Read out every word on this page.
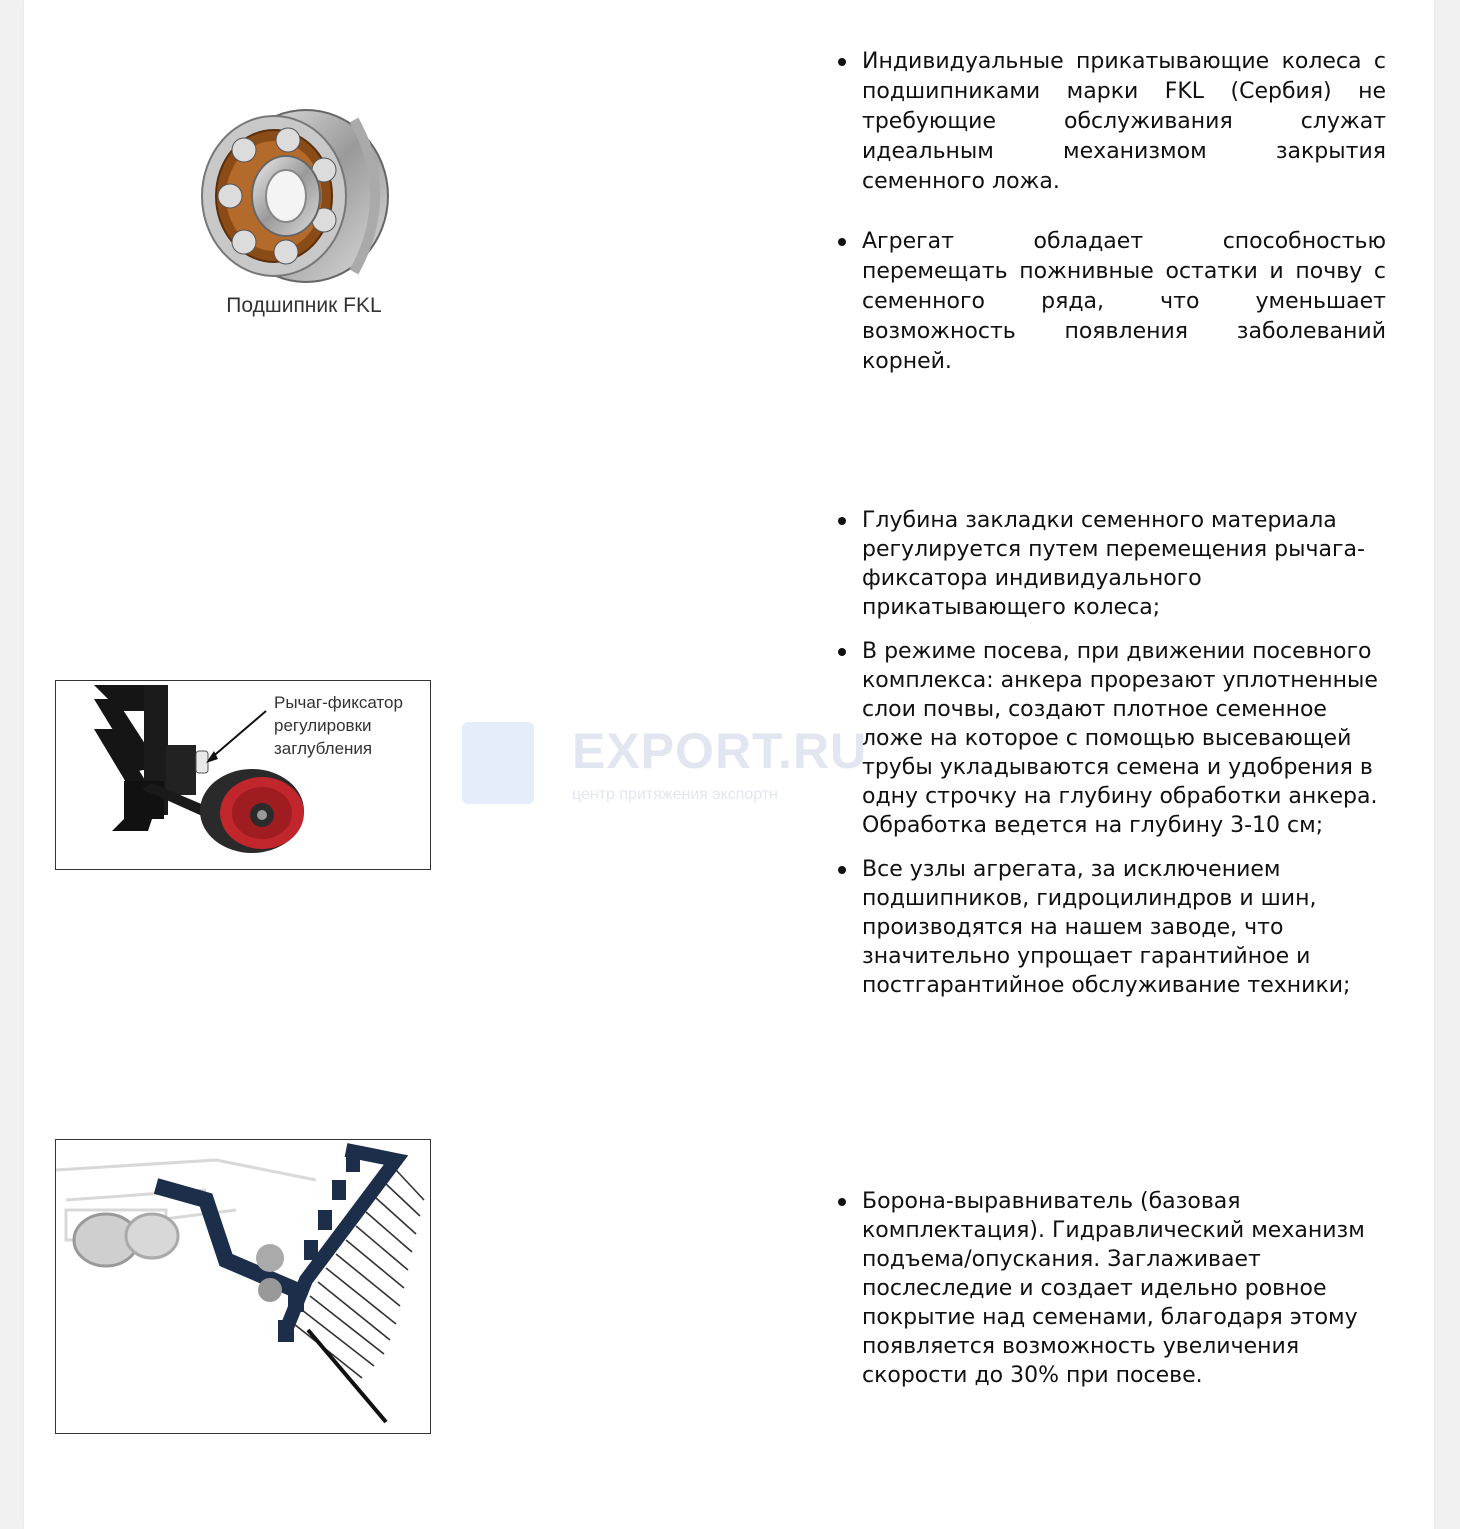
Подшипник FKL
Индивидуальные прикатывающие колеса с подшипниками марки FKL (Сербия) не требующие обслуживания служат идеальным механизмом закрытия семенного ложа.
Агрегат обладает способностью перемещать пожнивные остатки и почву с семенного ряда, что уменьшает возможность появления заболеваний корней.
Рычаг-фиксатор
регулировки
заглубления
Глубина закладки семенного материала регулируется путем перемещения рычага-фиксатора индивидуального прикатывающего колеса;
В режиме посева, при движении посевного комплекса: анкера прорезают уплотненные слои почвы, создают плотное семенное ложе на которое с помощью высевающей трубы укладываются семена и удобрения в одну строчку на глубину обработки анкера. Обработка ведется на глубину 3-10 см;
Все узлы агрегата, за исключением подшипников, гидроцилиндров и шин, производятся на нашем заводе, что значительно упрощает гарантийное и постгарантийное обслуживание техники;
Борона-выравниватель (базовая комплектация). Гидравлический механизм подъема/опускания. Заглаживает послеследие и создает идельно ровное покрытие над семенами, благодаря этому появляется возможность увеличения скорости до 30% при посеве.
EXPORT.RU
центр притяжения экспортн
